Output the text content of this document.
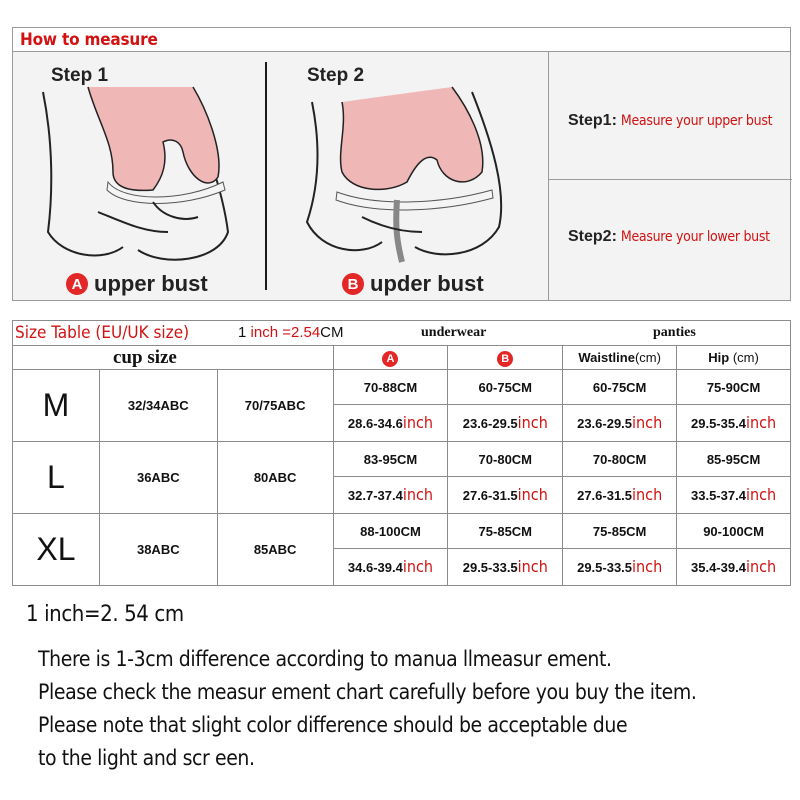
How to measure
Step 1
A upper bust
Step 2
B upder bust
Step1: Measure your upper bust
Step2: Measure your lower bust
Size Table (EU/UK size) 1 inch =2.54CM underwear panties						

cup size			A	B	Waistline(cm)	Hip (cm)
M	32/34ABC	70/75ABC	70-88CM	60-75CM	60-75CM	75-90CM
			28.6-34.6inch	23.6-29.5inch	23.6-29.5inch	29.5-35.4inch
L	36ABC	80ABC	83-95CM	70-80CM	70-80CM	85-95CM
			32.7-37.4inch	27.6-31.5inch	27.6-31.5inch	33.5-37.4inch
XL	38ABC	85ABC	88-100CM	75-85CM	75-85CM	90-100CM
			34.6-39.4inch	29.5-33.5inch	29.5-33.5inch	35.4-39.4inch
1 inch=2. 54 cm
There is 1-3cm difference according to manua llmeasur ement.
Please check the measur ement chart carefully before you buy the item.
Please note that slight color difference should be acceptable due
to the light and scr een.
